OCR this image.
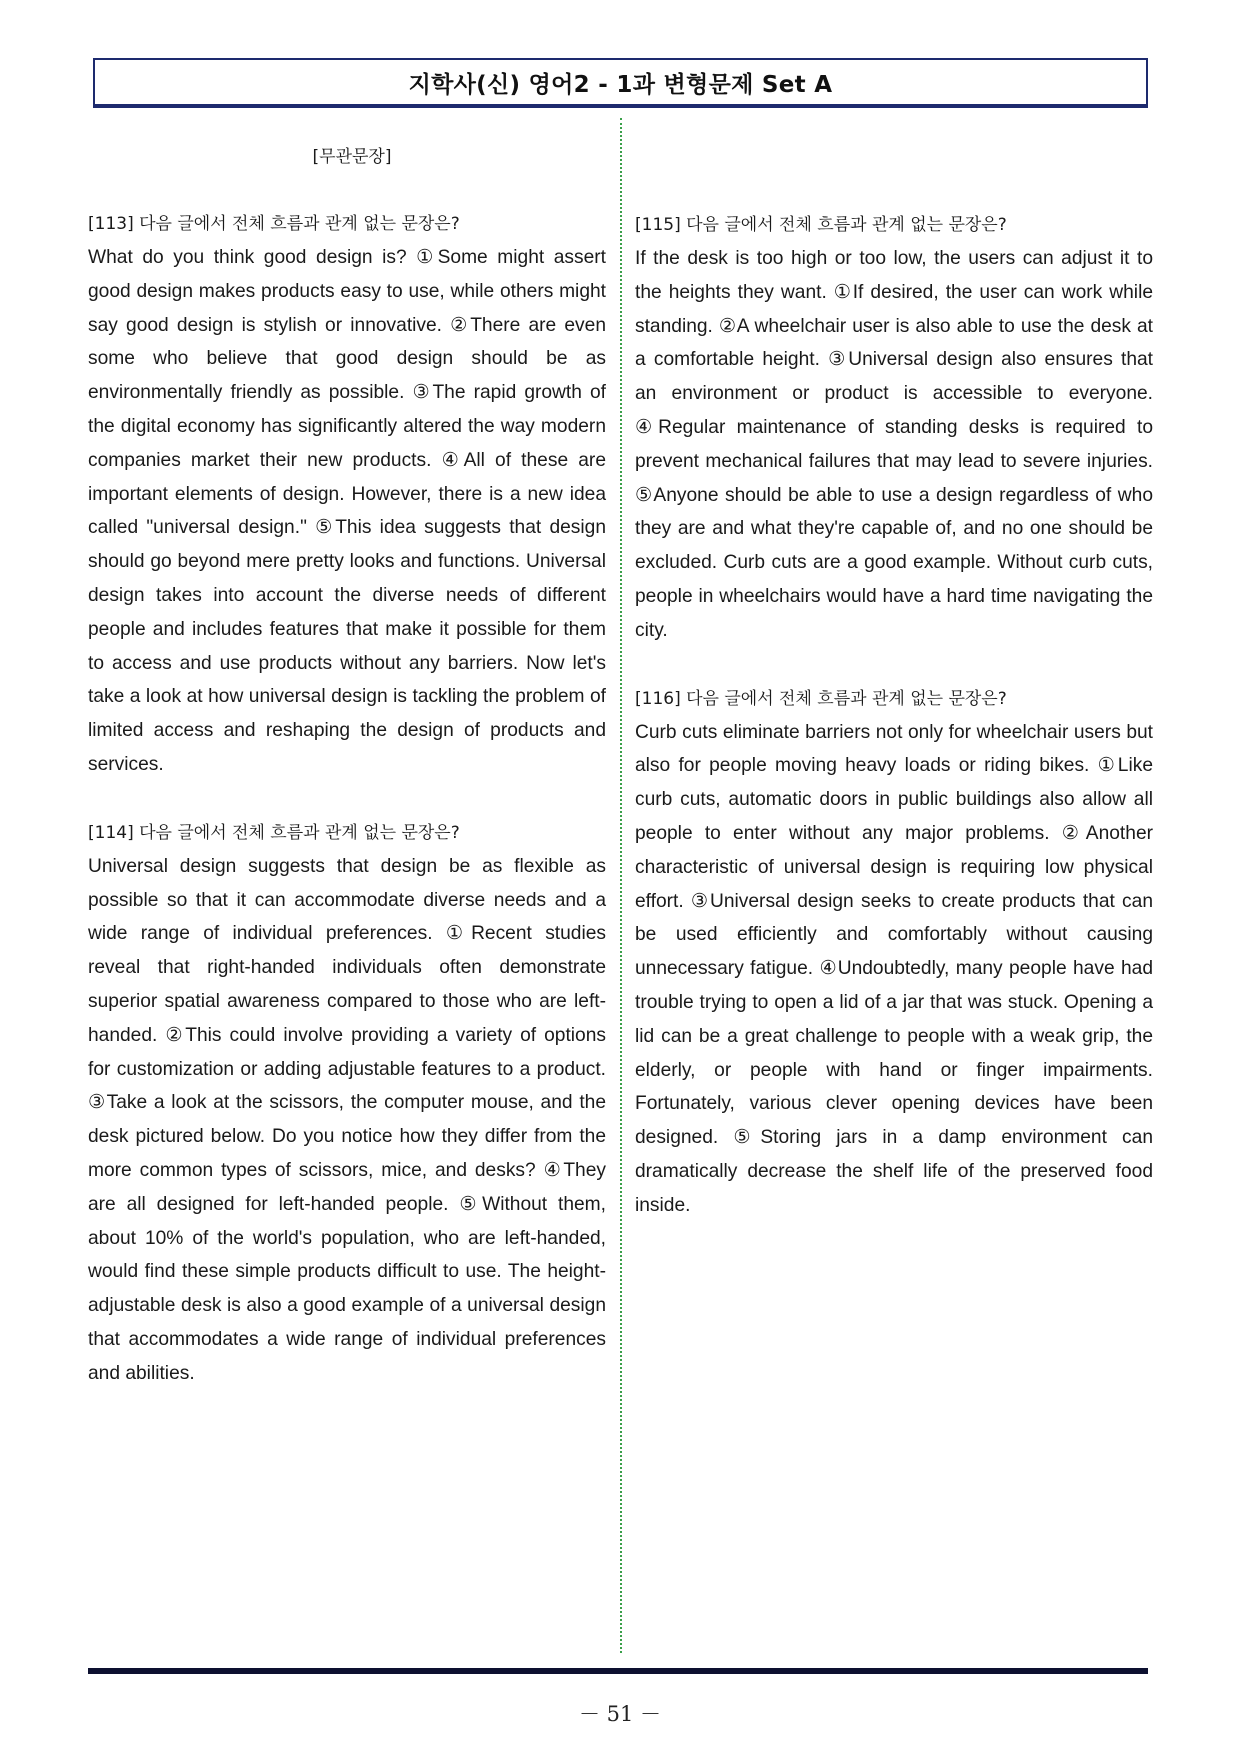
지학사(신) 영어2 - 1과 변형문제 Set A
[무관문장]
[113] 다음 글에서 전체 흐름과 관계 없는 문장은?
What do you think good design is? ①Some might assert good design makes products easy to use, while others might say good design is stylish or innovative. ②There are even some who believe that good design should be as environmentally friendly as possible. ③The rapid growth of the digital economy has significantly altered the way modern companies market their new products. ④All of these are important elements of design. However, there is a new idea called "universal design." ⑤This idea suggests that design should go beyond mere pretty looks and functions. Universal design takes into account the diverse needs of different people and includes features that make it possible for them to access and use products without any barriers. Now let's take a look at how universal design is tackling the problem of limited access and reshaping the design of products and services.
[114] 다음 글에서 전체 흐름과 관계 없는 문장은?
Universal design suggests that design be as flexible as possible so that it can accommodate diverse needs and a wide range of individual preferences. ①Recent studies reveal that right-handed individuals often demonstrate superior spatial awareness compared to those who are left-handed. ②This could involve providing a variety of options for customization or adding adjustable features to a product. ③Take a look at the scissors, the computer mouse, and the desk pictured below. Do you notice how they differ from the more common types of scissors, mice, and desks? ④They are all designed for left-handed people. ⑤Without them, about 10% of the world's population, who are left-handed, would find these simple products difficult to use. The height-adjustable desk is also a good example of a universal design that accommodates a wide range of individual preferences and abilities.
[115] 다음 글에서 전체 흐름과 관계 없는 문장은?
If the desk is too high or too low, the users can adjust it to the heights they want. ①If desired, the user can work while standing. ②A wheelchair user is also able to use the desk at a comfortable height. ③Universal design also ensures that an environment or product is accessible to everyone. ④Regular maintenance of standing desks is required to prevent mechanical failures that may lead to severe injuries. ⑤Anyone should be able to use a design regardless of who they are and what they're capable of, and no one should be excluded. Curb cuts are a good example. Without curb cuts, people in wheelchairs would have a hard time navigating the city.
[116] 다음 글에서 전체 흐름과 관계 없는 문장은?
Curb cuts eliminate barriers not only for wheelchair users but also for people moving heavy loads or riding bikes. ①Like curb cuts, automatic doors in public buildings also allow all people to enter without any major problems. ②Another characteristic of universal design is requiring low physical effort. ③Universal design seeks to create products that can be used efficiently and comfortably without causing unnecessary fatigue. ④Undoubtedly, many people have had trouble trying to open a lid of a jar that was stuck. Opening a lid can be a great challenge to people with a weak grip, the elderly, or people with hand or finger impairments. Fortunately, various clever opening devices have been designed. ⑤Storing jars in a damp environment can dramatically decrease the shelf life of the preserved food inside.
－ 51 －
